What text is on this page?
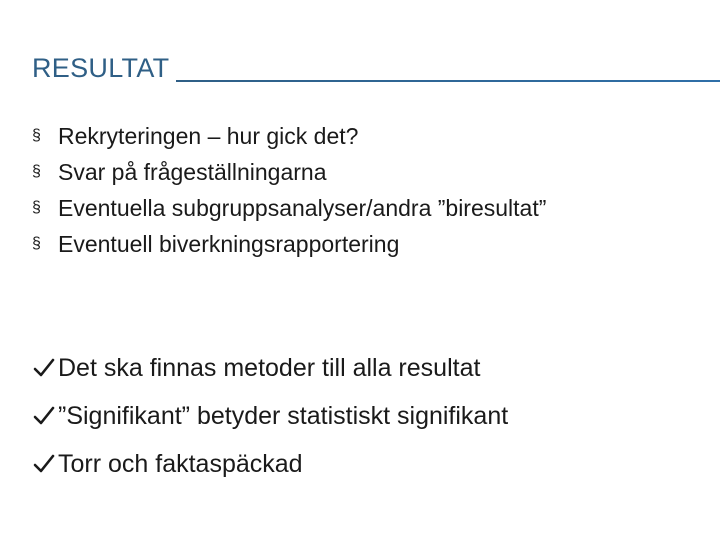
RESULTAT
§ Rekryteringen – hur gick det?
§ Svar på frågeställningarna
§ Eventuella subgruppsanalyser/andra ”biresultat”
§ Eventuell biverkningsrapportering
Det ska finnas metoder till alla resultat
”Signifikant” betyder statistiskt signifikant
Torr och faktaspäckad
